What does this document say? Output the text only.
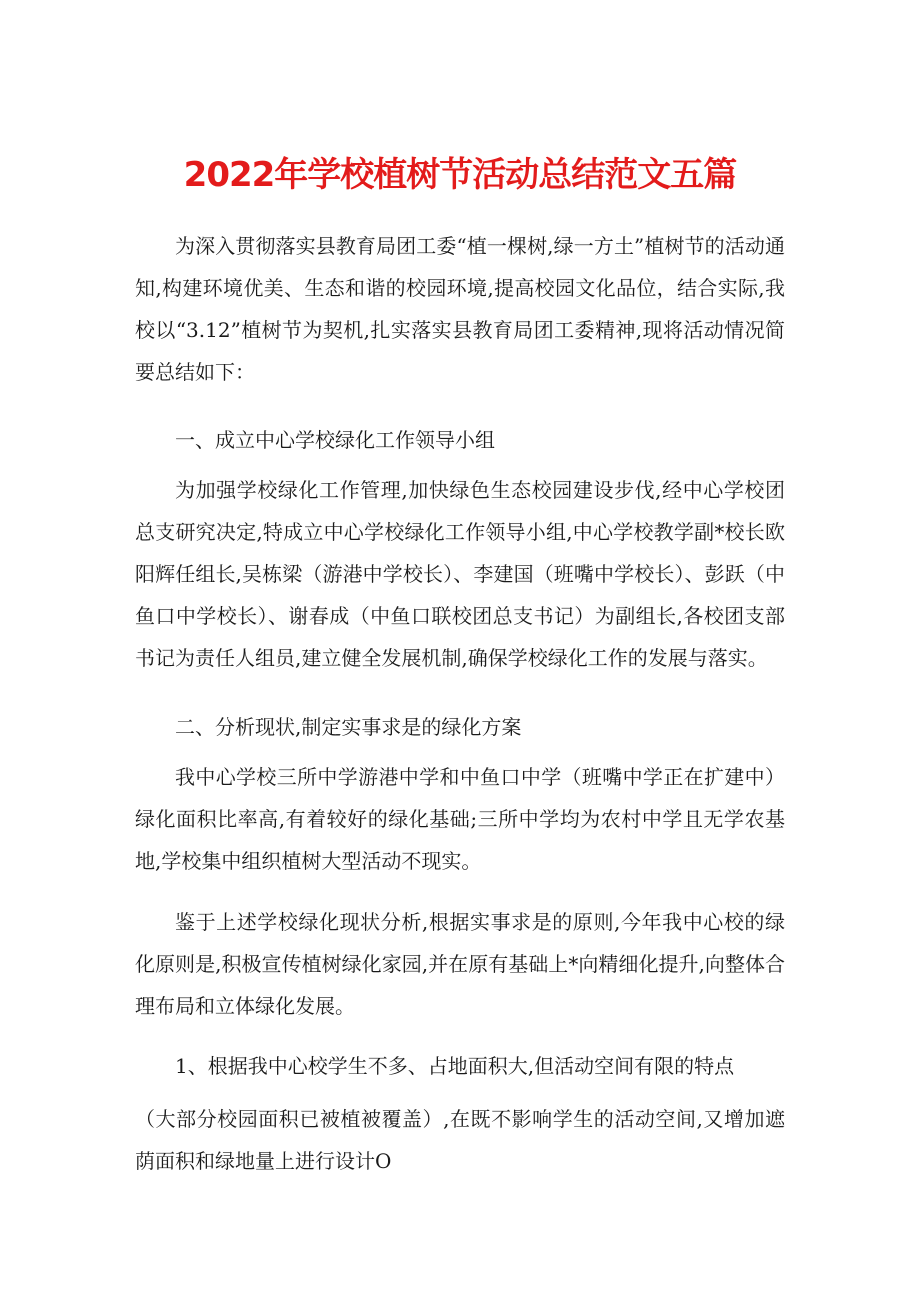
2022年学校植树节活动总结范文五篇

为深入贯彻落实县教育局团工委“植一棵树,绿一方土”植树节的活动通知,构建环境优美、生态和谐的校园环境,提高校园文化品位，结合实际,我校以“3.12”植树节为契机,扎实落实县教育局团工委精神,现将活动情况简要总结如下：

一、成立中心学校绿化工作领导小组

为加强学校绿化工作管理,加快绿色生态校园建设步伐,经中心学校团总支研究决定,特成立中心学校绿化工作领导小组,中心学校教学副*校长欧阳辉任组长,吴栋梁（游港中学校长）、李建国（班嘴中学校长）、彭跃（中鱼口中学校长）、谢春成（中鱼口联校团总支书记）为副组长,各校团支部书记为责任人组员,建立健全发展机制,确保学校绿化工作的发展与落实。

二、分析现状,制定实事求是的绿化方案

我中心学校三所中学游港中学和中鱼口中学（班嘴中学正在扩建中）绿化面积比率高,有着较好的绿化基础;三所中学均为农村中学且无学农基地,学校集中组织植树大型活动不现实。

鉴于上述学校绿化现状分析,根据实事求是的原则,今年我中心校的绿化原则是,积极宣传植树绿化家园,并在原有基础上*向精细化提升,向整体合理布局和立体绿化发展。

1、根据我中心校学生不多、占地面积大,但活动空间有限的特点

（大部分校园面积已被植被覆盖）,在既不影响学生的活动空间,又增加遮荫面积和绿地量上进行设计O
